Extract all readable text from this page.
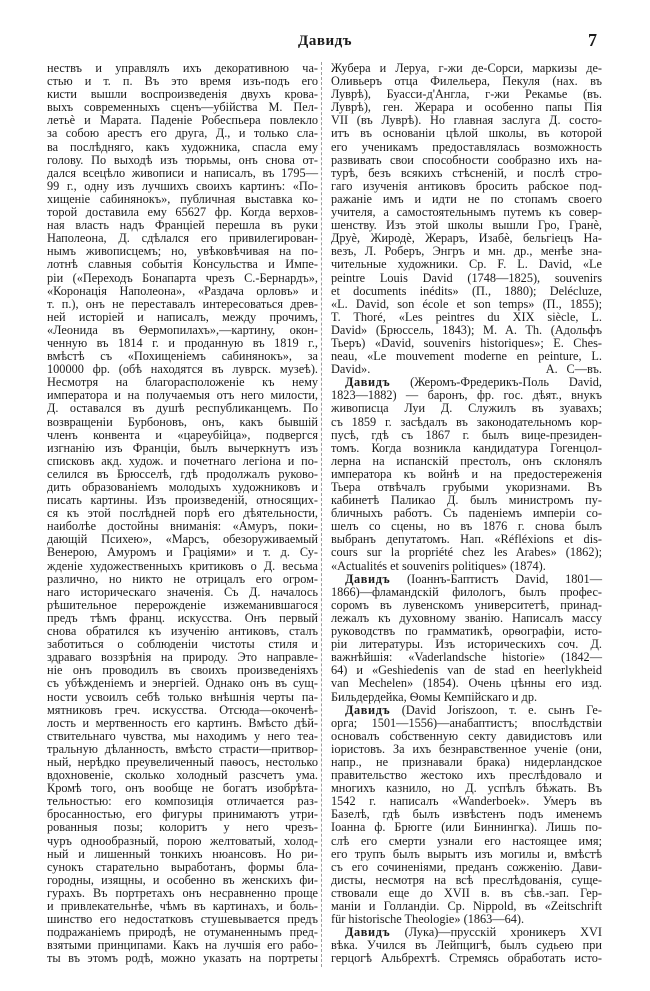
Давидъ	7
нествъ и управлялъ ихъ декоративною ча-
стью и т. п. Въ это время изъ-подъ его
кисти вышли воспроизведенія двухъ крова-
выхъ современныхъ сценъ—убійства М. Пел-
летьѐ и Марата. Паденіе Робеспьера повлекло
за собою арестъ его друга, Д., и только сла-
ва послѣдняго, какъ художника, спасла ему
голову. По выходѣ изъ тюрьмы, онъ снова от-
дался всецѣло живописи и написалъ, въ 1795—
99 г., одну изъ лучшихъ своихъ картинъ: «По-
хищеніе сабинянокъ», публичная выставка ко-
торой доставила ему 65627 фр. Когда верхов-
ная власть надъ Франціей перешла въ руки
Наполеона, Д. сдѣлался его привилегирован-
нымъ живописцемъ; но, увѣковѣчивая на по-
лотнѣ славныя событія Консульства и Импе-
ріи («Переходъ Бонапарта чрезъ С.-Бернардъ»,
«Коронація Наполеона», «Раздача орловъ» и
т. п.), онъ не переставалъ интересоваться древ-
ней исторіей и написалъ, между прочимъ,
«Леонида въ Ѳермопилахъ»,—картину, окон-
ченную въ 1814 г. и проданную въ 1819 г.,
вмѣстѣ съ «Похищеніемъ сабинянокъ», за
100000 фр. (обѣ находятся въ луврск. музеѣ).
Несмотря на благорасположеніе къ нему
императора и на получаемыя отъ него милости,
Д. оставался въ душѣ республиканцемъ. По
возвращеніи Бурбоновъ, онъ, какъ бывшій
членъ конвента и «цареубійца», подвергся
изгнанію изъ Франціи, былъ вычеркнутъ изъ
списковъ акд. худож. и почетнаго легіона и по-
селился въ Брюсселѣ, гдѣ продолжалъ руково-
дить образованіемъ молодыхъ художниковъ и
писать картины. Изъ произведеній, относящих-
ся къ этой послѣдней порѣ его дѣятельности,
наиболѣе достойны вниманія: «Амуръ, поки-
дающій Психею», «Марсъ, обезоруживаемый
Венерою, Амуромъ и Граціями» и т. д. Су-
жденіе художественныхъ критиковъ о Д. весьма
различно, но никто не отрицалъ его огром-
наго историческаго значенія. Съ Д. началось
рѣшительное перерожденіе изжеманившагося
предъ тѣмъ франц. искусства. Онъ первый
снова обратился къ изученію антиковъ, сталъ
заботиться о соблюденіи чистоты стиля и
здраваго воззрѣнія на природу. Это направле-
ніе онъ проводилъ въ своихъ произведеніяхъ
съ убѣжденіемъ и энергіей. Однако онъ въ сущ-
ности усвоилъ себѣ только внѣшнія черты па-
мятниковъ греч. искусства. Отсюда—окоченѣ-
лость и мертвенность его картинъ. Вмѣсто дѣй-
ствительнаго чувства, мы находимъ у него теа-
тральную дѣланность, вмѣсто страсти—притвор-
ный, нерѣдко преувеличенный паѳосъ, нестолько
вдохновеніе, сколько холодный разсчетъ ума.
Кромѣ того, онъ вообще не богатъ изобрѣта-
тельностью: его композиція отличается раз-
бросанностью, его фигуры принимаютъ утри-
рованныя позы; колоритъ у него чрезъ-
чуръ однообразный, порою желтоватый, холод-
ный и лишенный тонкихъ нюансовъ. Но ри-
сунокъ старательно выработанъ, формы бла-
городны, изящны, и особенно въ женскихъ фи-
гурахъ. Въ портретахъ онъ несравненно проще
и привлекательнѣе, чѣмъ въ картинахъ, и боль-
шинство его недостатковъ стушевывается предъ
подражаніемъ природѣ, не отуманеннымъ пред-
взятыми принципами. Какъ на лучшія его рабо-
ты въ этомъ родѣ, можно указать на портреты
Жубера и Леруа, г-жи де-Сорси, маркизы де-
Оливьеръ отца Филельера, Пекуля (нах. въ
Луврѣ), Буасси-д'Англа, г-жи Рекамье (въ.
Луврѣ), ген. Жерара и особенно папы Пія
VII (въ Луврѣ). Но главная заслуга Д. состо-
итъ въ основаніи цѣлой школы, въ которой
его ученикамъ предоставлялась возможность
развивать свои способности сообразно ихъ на-
турѣ, безъ всякихъ стѣсненій, и послѣ стро-
гаго изученія антиковъ бросить рабское под-
ражаніе имъ и идти не по стопамъ своего
учителя, а самостоятельнымъ путемъ къ совер-
шенству. Изъ этой школы вышли Гро, Гранѐ,
Друѐ, Жиродѐ, Жераръ, Изабѐ, бельгіецъ На-
везъ, Л. Роберъ, Энгръ и мн. др., менѣе зна-
чительные художники. Ср. F. L. David, «Le
peintre Louis David (1748—1825), souvenirs
et documents inédits» (П., 1880); Delécluze,
«L. David, son école et son temps» (П., 1855);
T. Thoré, «Les peintres du XIX siècle, L.
David» (Брюссель, 1843); M. A. Th. (Адольфъ
Тьеръ) «David, souvenirs historiques»; E. Ches-
neau, «Le mouvement moderne en peinture, L.
David».                    A. С—въ.
Давидъ (Жеромъ-Фредерикъ-Поль David,
1823—1882) — баронъ, фр. гос. дѣят., внукъ
живописца Луи Д. Служилъ въ зуавахъ;
съ 1859 г. засѣдалъ въ законодательномъ кор-
пусѣ, гдѣ съ 1867 г. былъ вице-президен-
томъ. Когда возникла кандидатура Гогенцол-
лерна на испанскій престолъ, онъ склонялъ
императора къ войнѣ и на предостереженія
Тьера отвѣчалъ грубыми укоризнами. Въ
кабинетѣ Паликао Д. былъ министромъ пу-
бличныхъ работъ. Съ паденіемъ имперіи со-
шелъ со сцены, но въ 1876 г. снова былъ
выбранъ депутатомъ. Нап. «Réfléxions et dis-
cours sur la propriété chez les Arabes» (1862);
«Actualités et souvenirs politiques» (1874).
Давидъ (Іоаннъ-Баптистъ David, 1801—
1866)—фламандскій филологъ, былъ профес-
соромъ въ лувенскомъ университетѣ, принад-
лежалъ къ духовному званію. Написалъ массу
руководствъ по грамматикѣ, орѳографіи, исто-
ріи литературы. Изъ историческихъ соч. Д.
важнѣйшія: «Vaderlandsche historie» (1842—
64) и «Geshiedenis van de stad en heerlykheid
van Mechelen» (1854). Очень цѣнны его изд.
Бильдердейка, Ѳомы Кемпійскаго и др.
Давидъ (David Joriszoon, т. е. сынъ Ге-
орга; 1501—1556)—анабаптистъ; впослѣдствіи
основалъ собственную секту давидистовъ или
іористовъ. За ихъ безнравственное ученіе (они,
напр., не признавали брака) нидерландское
правительство жестоко ихъ преслѣдовало и
многихъ казнило, но Д. успѣлъ бѣжать. Въ
1542 г. написалъ «Wanderboek». Умеръ въ
Базелѣ, гдѣ былъ извѣстенъ подъ именемъ
Іоанна ф. Брюгге (или Биннингка). Лишь по-
слѣ его смерти узнали его настоящее имя;
его трупъ былъ вырытъ изъ могилы и, вмѣстѣ
съ его сочиненіями, преданъ сожженію. Дави-
дисты, несмотря на всѣ преслѣдованія, суще-
ствовали еще до XVII в. въ сѣв.-зап. Гер-
маніи и Голландіи. Ср. Nippold, въ «Zeitschrift
für historische Theologie» (1863—64).
Давидъ (Лука)—прусскій хроникеръ XVI
вѣка. Учился въ Лейпцигѣ, былъ судьею при
герцогѣ Альбрехтѣ. Стремясь обработать исто-
